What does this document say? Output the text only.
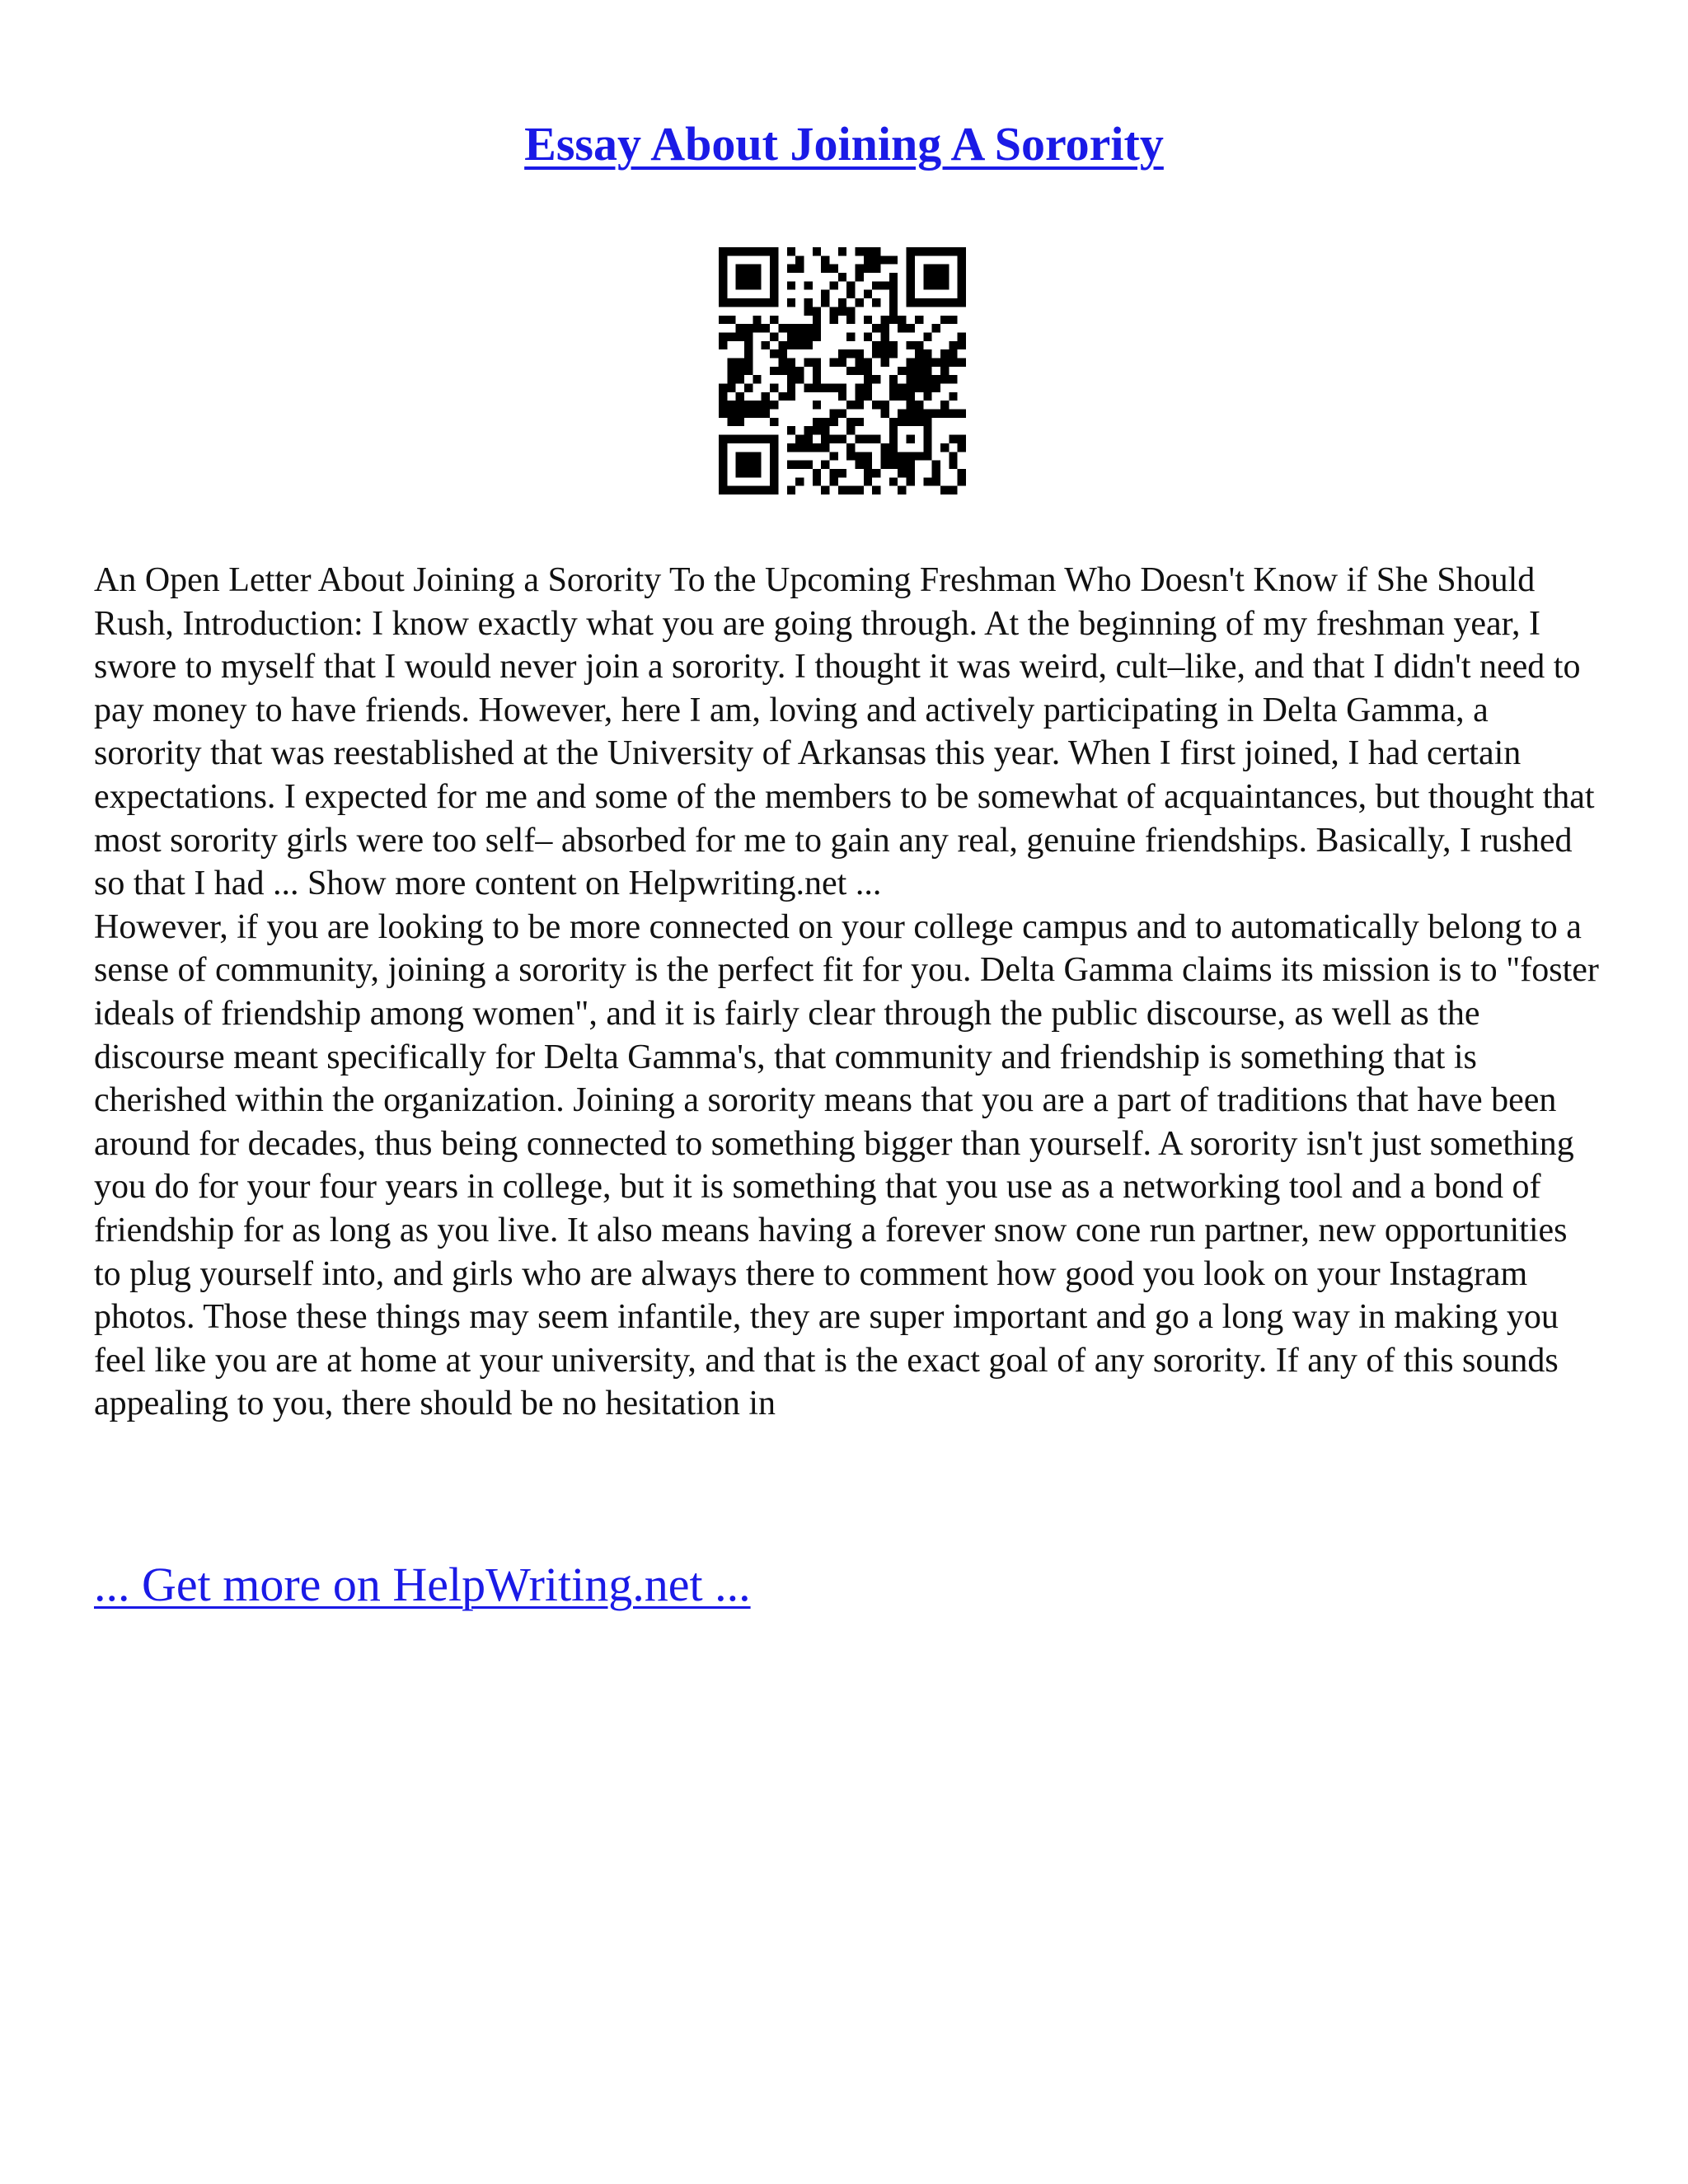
Essay About Joining A Sorority

An Open Letter About Joining a Sorority To the Upcoming Freshman Who Doesn't Know if She Should Rush, Introduction: I know exactly what you are going through. At the beginning of my freshman year, I swore to myself that I would never join a sorority. I thought it was weird, cult–like, and that I didn't need to pay money to have friends. However, here I am, loving and actively participating in Delta Gamma, a sorority that was reestablished at the University of Arkansas this year. When I first joined, I had certain expectations. I expected for me and some of the members to be somewhat of acquaintances, but thought that most sorority girls were too self– absorbed for me to gain any real, genuine friendships. Basically, I rushed so that I had ... Show more content on Helpwriting.net ...

However, if you are looking to be more connected on your college campus and to automatically belong to a sense of community, joining a sorority is the perfect fit for you. Delta Gamma claims its mission is to "foster ideals of friendship among women", and it is fairly clear through the public discourse, as well as the discourse meant specifically for Delta Gamma's, that community and friendship is something that is cherished within the organization. Joining a sorority means that you are a part of traditions that have been around for decades, thus being connected to something bigger than yourself. A sorority isn't just something you do for your four years in college, but it is something that you use as a networking tool and a bond of friendship for as long as you live. It also means having a forever snow cone run partner, new opportunities to plug yourself into, and girls who are always there to comment how good you look on your Instagram photos. Those these things may seem infantile, they are super important and go a long way in making you feel like you are at home at your university, and that is the exact goal of any sorority. If any of this sounds appealing to you, there should be no hesitation in

... Get more on HelpWriting.net ...
